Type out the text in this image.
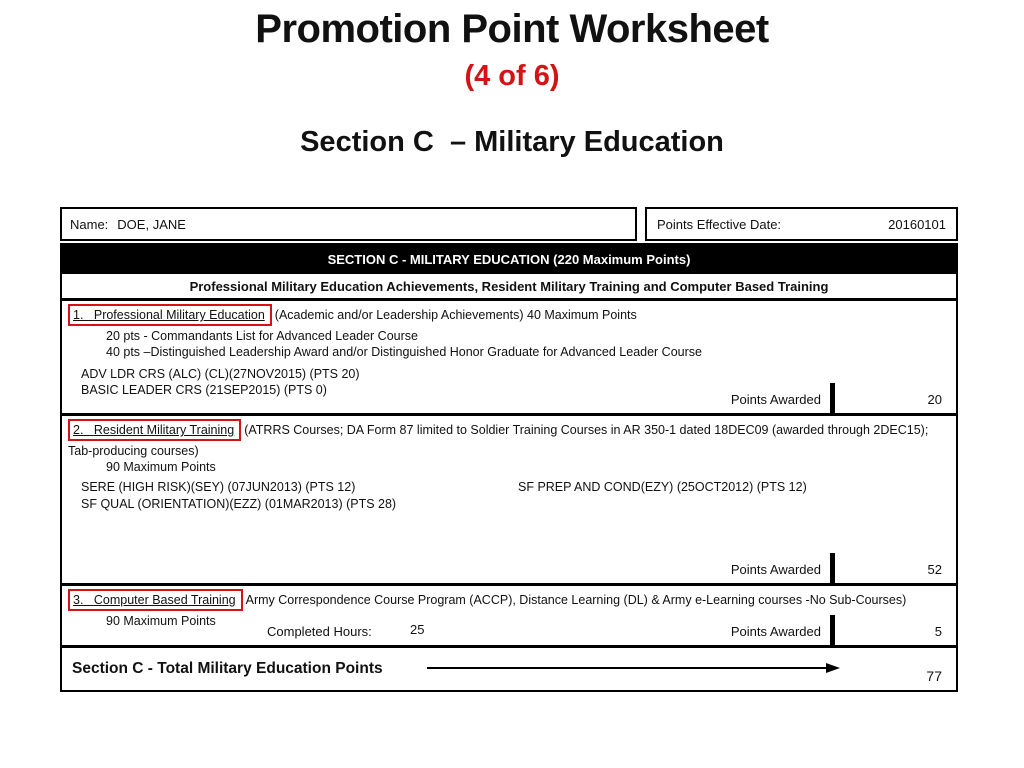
Promotion Point Worksheet
(4 of 6)
Section C  – Military Education
Name: DOE, JANE	Points Effective Date:	20160101
SECTION C - MILITARY EDUCATION (220 Maximum Points)
Professional Military Education Achievements, Resident Military Training and Computer Based Training
1. Professional Military Education (Academic and/or Leadership Achievements) 40 Maximum Points
20 pts - Commandants List for Advanced Leader Course
40 pts –Distinguished Leadership Award and/or Distinguished Honor Graduate for Advanced Leader Course
ADV LDR CRS (ALC) (CL)(27NOV2015) (PTS 20)
BASIC LEADER CRS (21SEP2015) (PTS 0)
Points Awarded	20
2. Resident Military Training (ATRRS Courses; DA Form 87 limited to Soldier Training Courses in AR 350-1 dated 18DEC09 (awarded through 2DEC15);
Tab-producing courses)
90 Maximum Points
SERE (HIGH RISK)(SEY) (07JUN2013) (PTS 12)	SF PREP AND COND(EZY) (25OCT2012) (PTS 12)
SF QUAL (ORIENTATION)(EZZ) (01MAR2013) (PTS 28)
Points Awarded	52
3. Computer Based Training Army Correspondence Course Program (ACCP), Distance Learning (DL) & Army e-Learning courses -No Sub-Courses)
90 Maximum Points
Completed Hours:	25	Points Awarded	5
Section C - Total Military Education Points	77
